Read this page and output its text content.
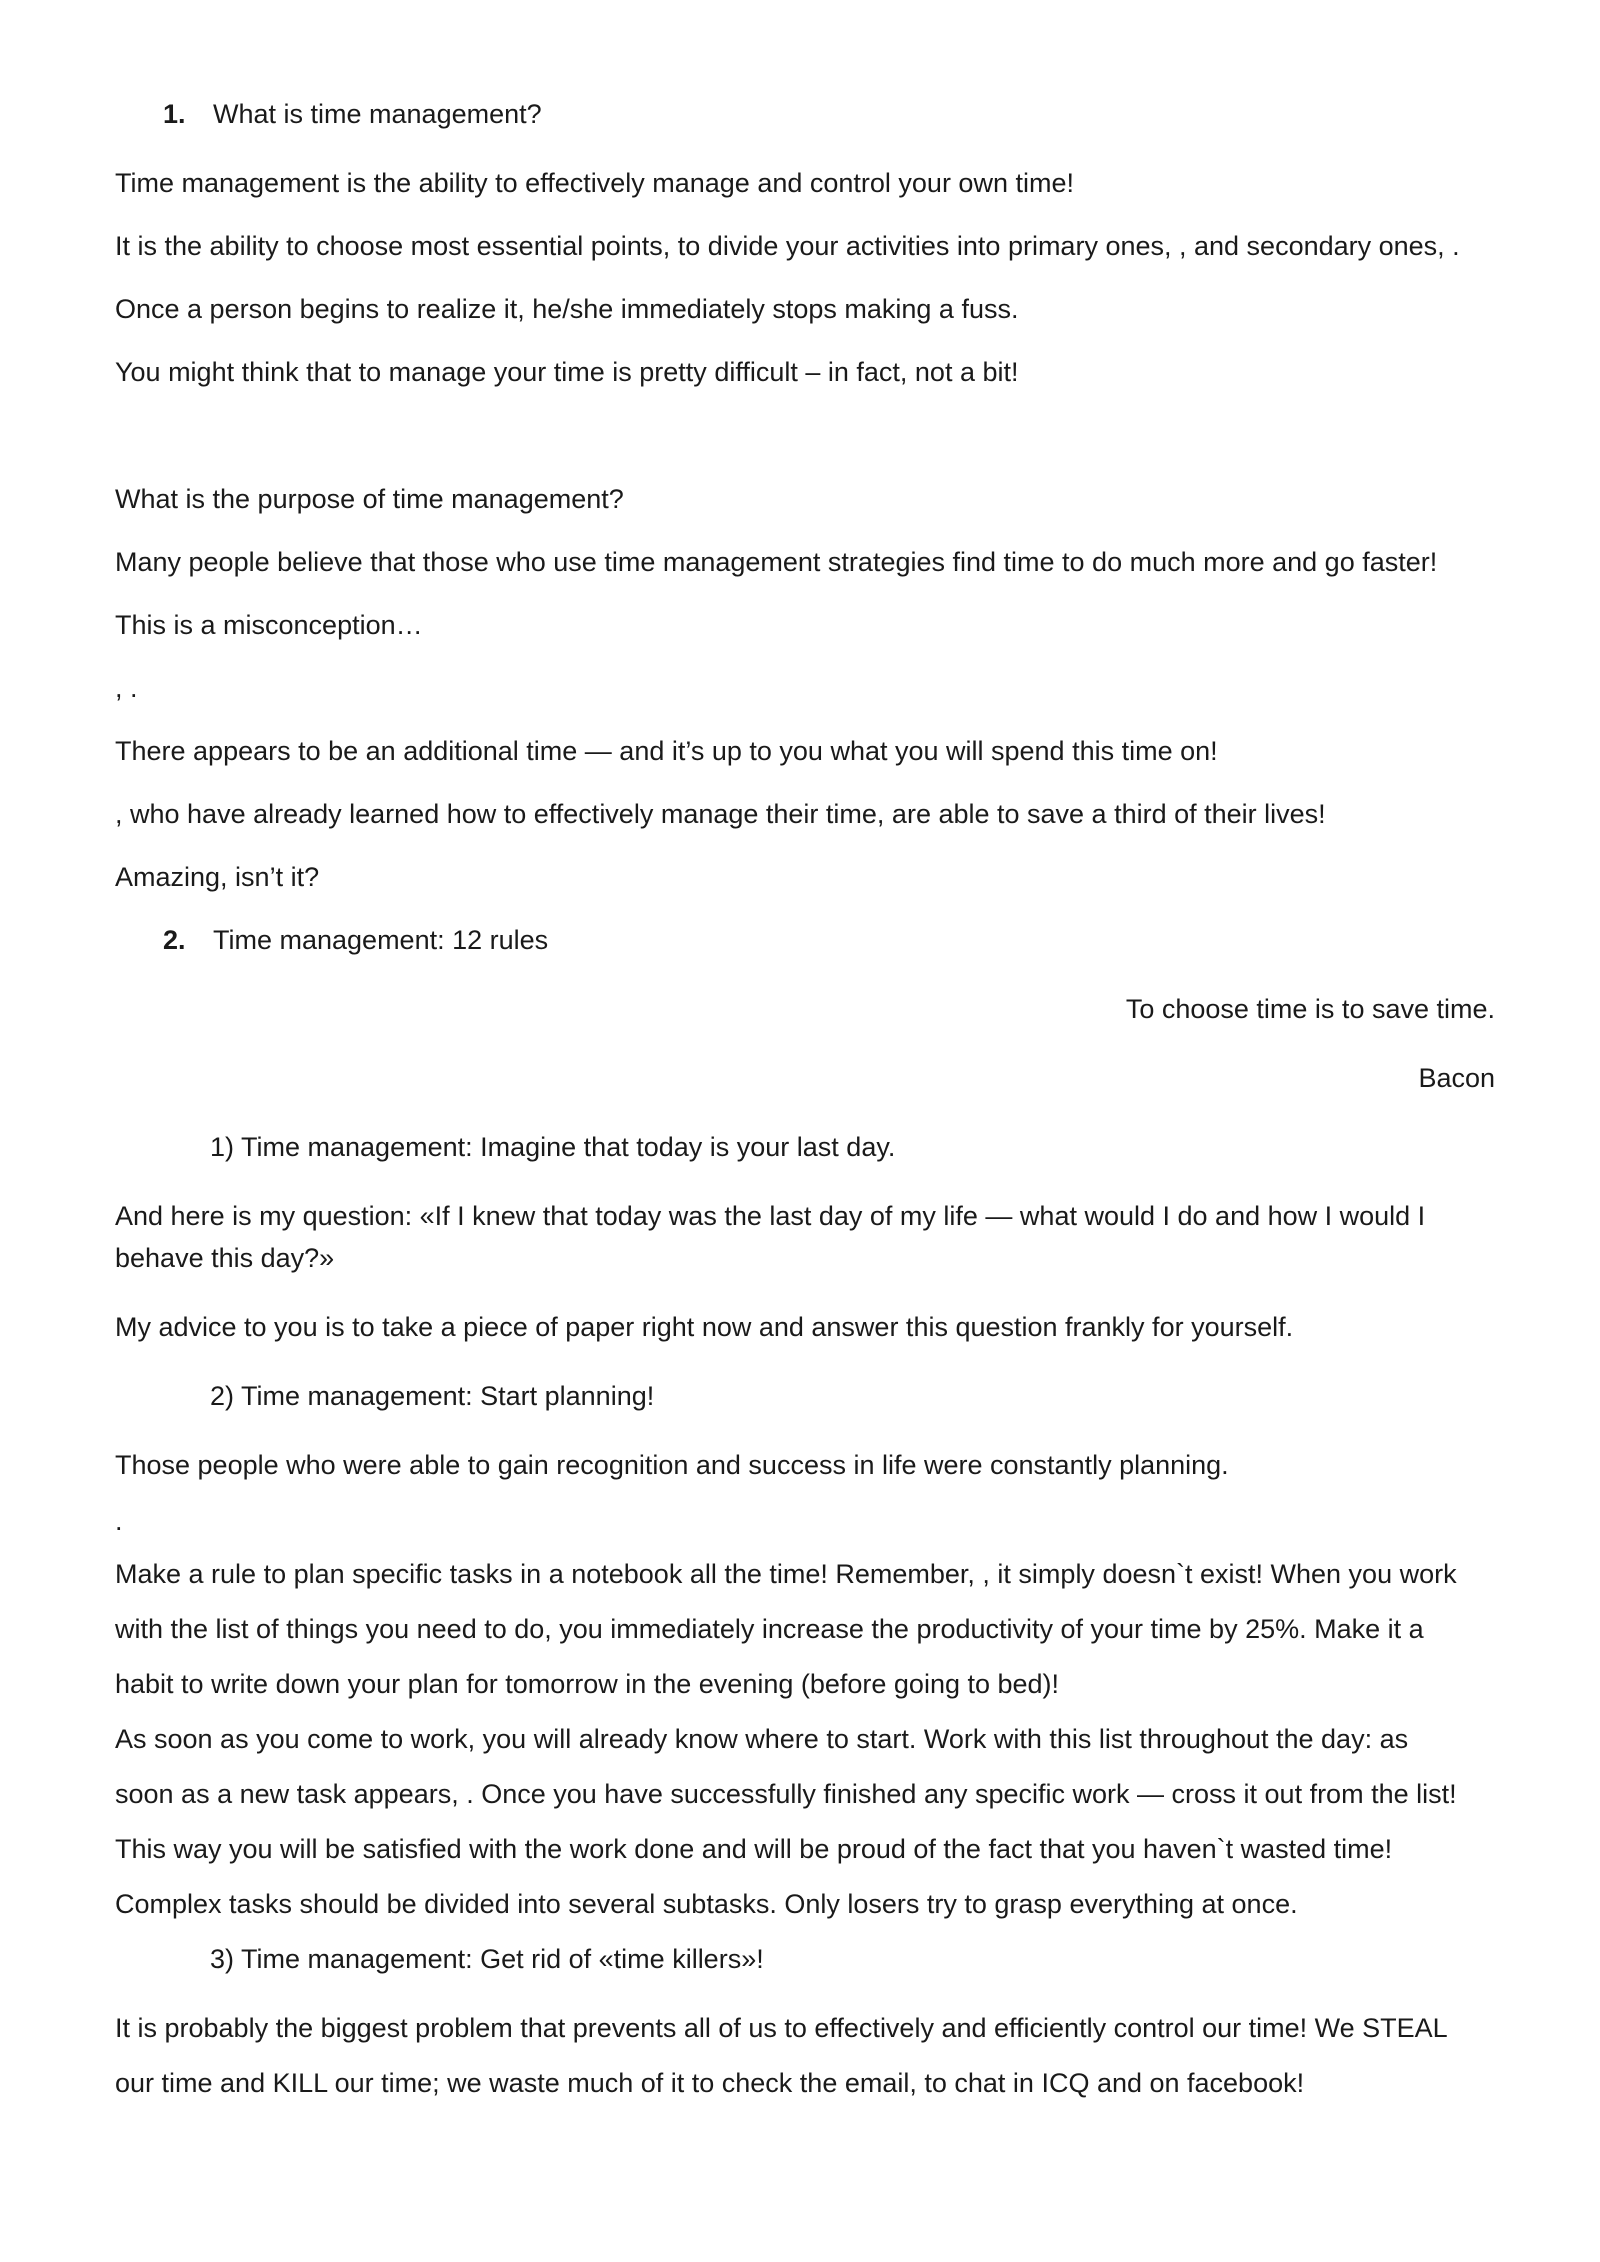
1. What is time management?
Time management is the ability to effectively manage and control your own time!
It is the ability to choose most essential points, to divide your activities into primary ones, , and secondary ones, .
Once a person begins to realize it, he/she immediately stops making a fuss.
You might think that to manage your time is pretty difficult – in fact, not a bit!
What is the purpose of time management?
Many people believe that those who use time management strategies find time to do much more and go faster!
This is a misconception…
, .
There appears to be an additional time — and it’s up to you what you will spend this time on!
, who have already learned how to effectively manage their time, are able to save a third of their lives!
Amazing, isn’t it?
2. Time management: 12 rules
To choose time is to save time.
Bacon
1) Time management: Imagine that today is your last day.
And here is my question: «If I knew that today was the last day of my life — what would I do and how I would I behave this day?»
My advice to you is to take a piece of paper right now and answer this question frankly for yourself.
2) Time management: Start planning!
Those people who were able to gain recognition and success in life were constantly planning.
.
Make a rule to plan specific tasks in a notebook all the time! Remember, , it simply doesn`t exist! When you work
with the list of things you need to do, you immediately increase the productivity of your time by 25%. Make it a
habit to write down your plan for tomorrow in the evening (before going to bed)!
As soon as you come to work, you will already know where to start. Work with this list throughout the day: as
soon as a new task appears, . Once you have successfully finished any specific work — cross it out from the list!
This way you will be satisfied with the work done and will be proud of the fact that you haven`t wasted time!
Complex tasks should be divided into several subtasks. Only losers try to grasp everything at once.
3) Time management: Get rid of «time killers»!
It is probably the biggest problem that prevents all of us to effectively and efficiently control our time! We STEAL
our time and KILL our time; we waste much of it to check the email, to chat in ICQ and on facebook!
